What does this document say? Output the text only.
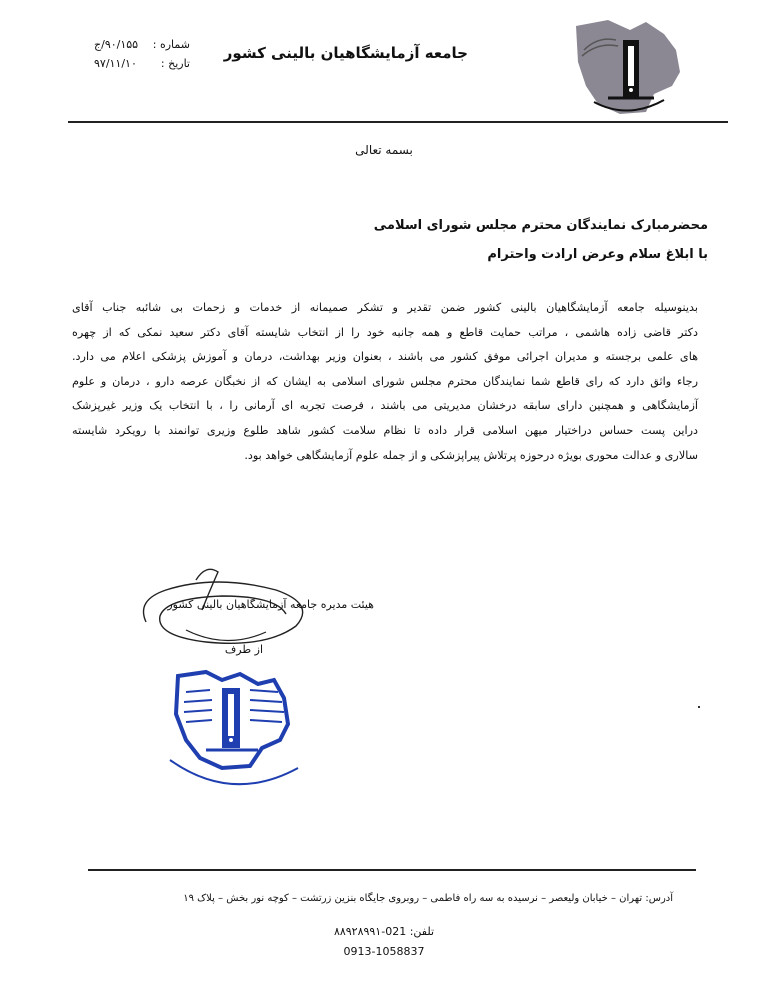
جامعه آزمایشگاهیان بالینی کشور
شماره :
۹۰/۱۵۵/ج
تاریخ :
۹۷/۱۱/۱۰
بسمه تعالی
محضرمبارک نمایندگان محترم مجلس شورای اسلامی
با ابلاغ سلام وعرض ارادت واحترام
بدینوسیله جامعه آزمایشگاهیان بالینی کشور ضمن تقدیر و تشکر صمیمانه از خدمات و زحمات بی شائبه جناب آقای
دکتر قاضی زاده هاشمی ، مراتب حمایت قاطع و همه جانبه خود را از انتخاب شایسته آقای دکتر سعید نمکی که از چهره
های علمی برجسته و مدیران اجرائی موفق کشور می باشند ، بعنوان وزیر بهداشت، درمان و آموزش پزشکی اعلام می دارد.
رجاء واثق دارد که رای قاطع شما نمایندگان محترم مجلس شورای اسلامی به ایشان که از نخبگان عرصه دارو ، درمان و علوم
آزمایشگاهی و همچنین دارای سابقه درخشان مدیریتی می باشند ، فرصت تجربه ای آرمانی را ، با انتخاب یک وزیر غیرپزشک
دراین پست حساس دراختیار میهن اسلامی قرار داده تا نظام سلامت کشور شاهد طلوع وزیری توانمند با رویکرد شایسته
سالاری و عدالت محوری بویژه درحوزه پرتلاش پیراپزشکی و از جمله علوم آزمایشگاهی خواهد بود.
هیئت مدیره جامعه آزمایشگاهیان بالینی کشور
از طرف
آدرس: تهران – خیابان ولیعصر – نرسیده به سه راه فاطمی – روبروی جایگاه بنزین زرتشت – کوچه نور بخش – پلاک ۱۹
تلفن: 021-۸۸۹۲۸۹۹۱
0913-1058837
